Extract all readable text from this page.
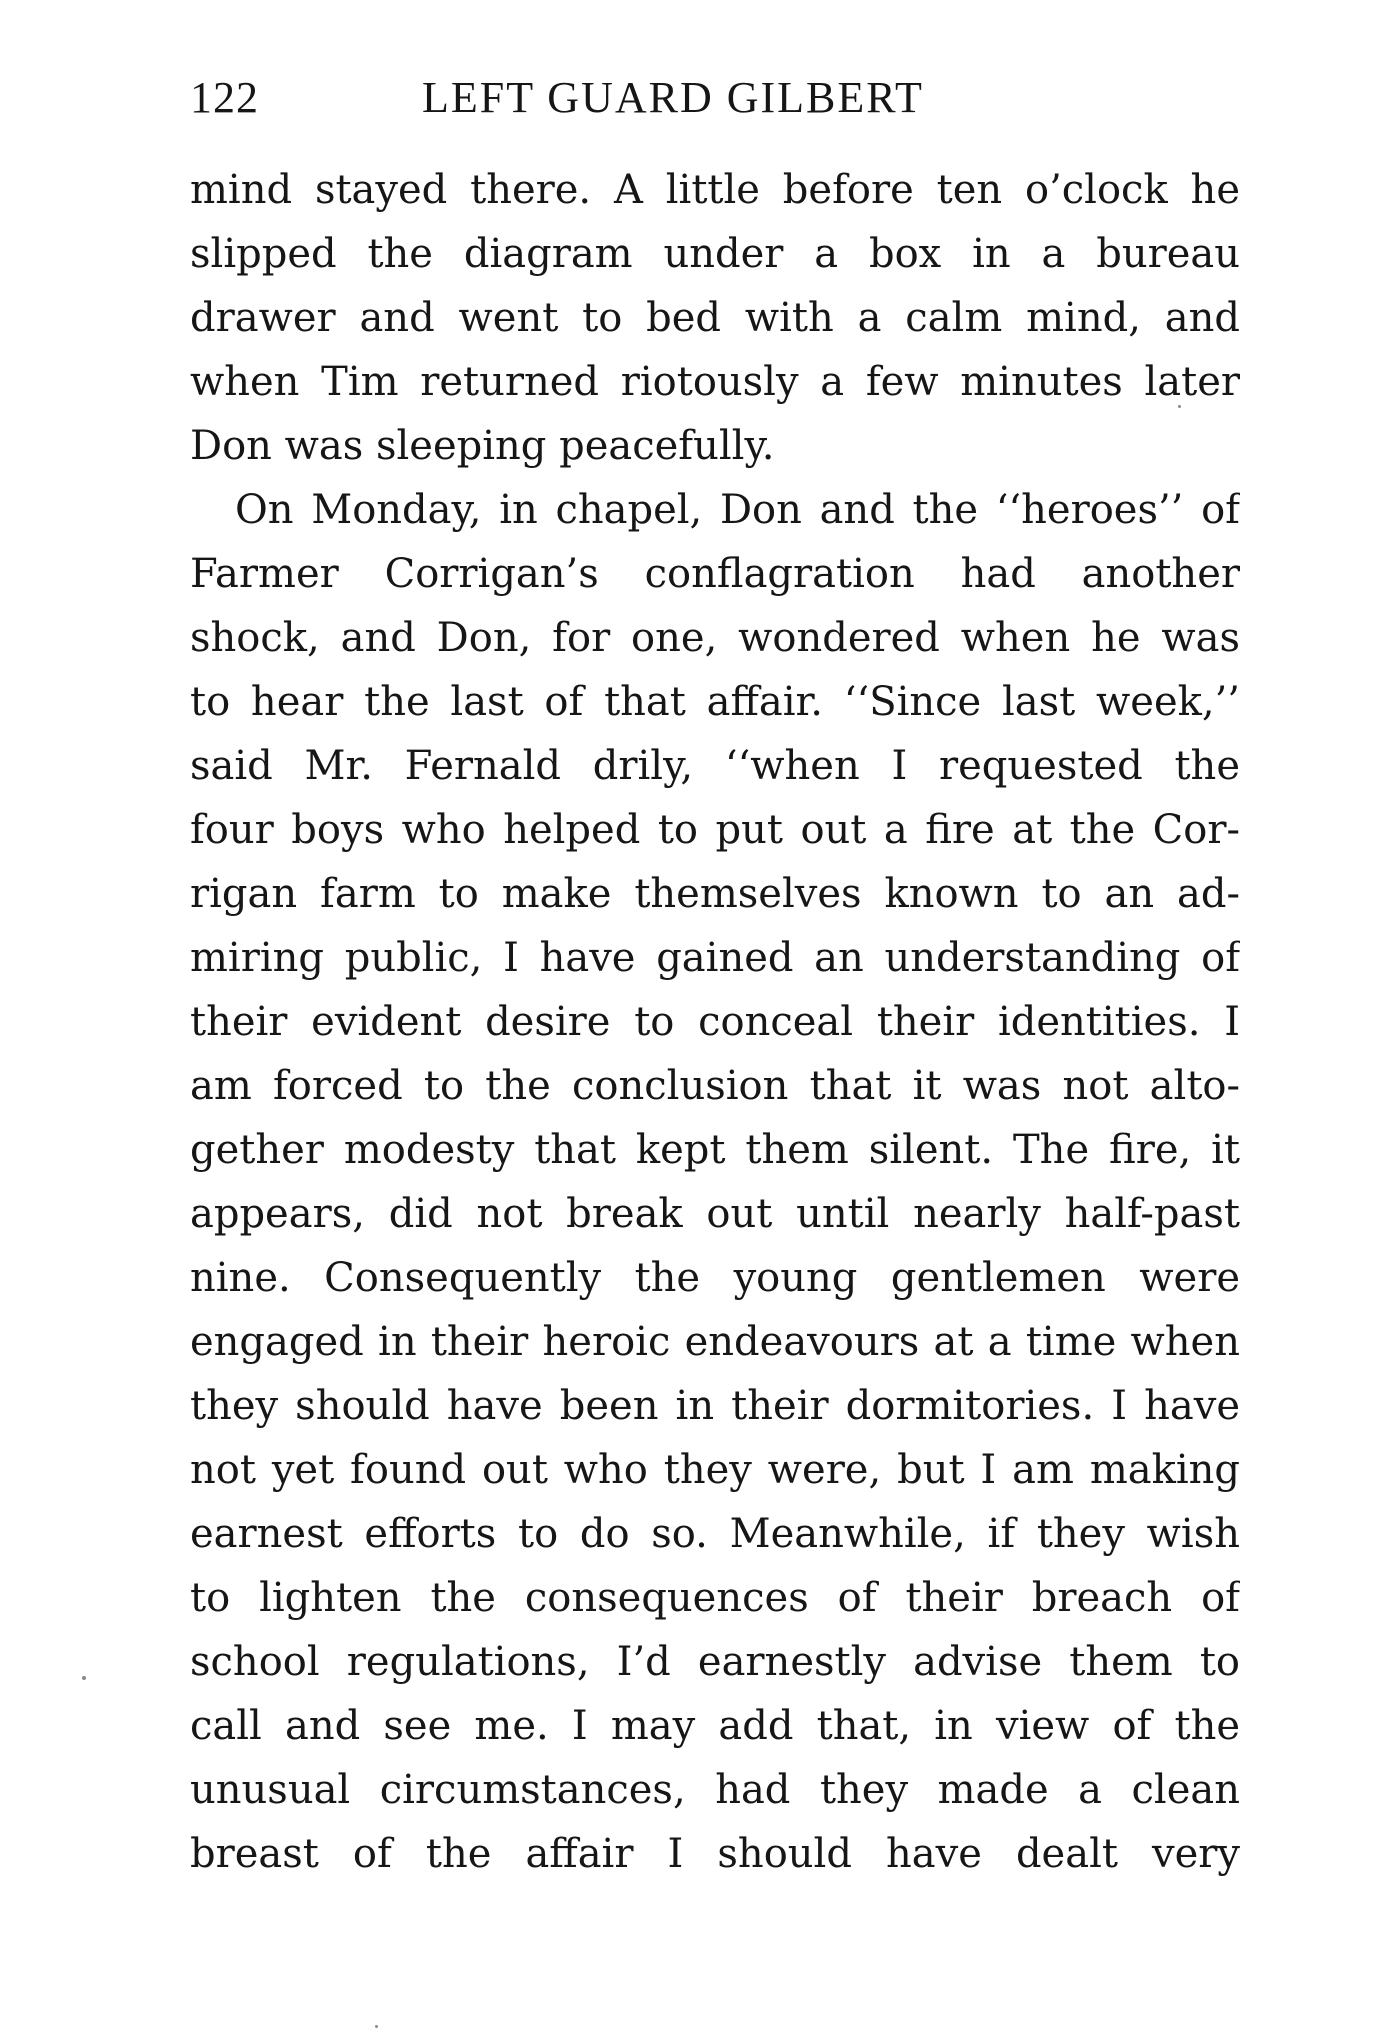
122	LEFT GUARD GILBERT
mind stayed there. A little before ten o’clock he
slipped the diagram under a box in a bureau
drawer and went to bed with a calm mind, and
when Tim returned riotously a few minutes later
Don was sleeping peacefully.
On Monday, in chapel, Don and the ‘‘heroes’’ of
Farmer Corrigan’s conflagration had another
shock, and Don, for one, wondered when he was
to hear the last of that affair. ‘‘Since last week,’’
said Mr. Fernald drily, ‘‘when I requested the
four boys who helped to put out a fire at the Cor-
rigan farm to make themselves known to an ad-
miring public, I have gained an understanding of
their evident desire to conceal their identities. I
am forced to the conclusion that it was not alto-
gether modesty that kept them silent. The fire, it
appears, did not break out until nearly half-past
nine. Consequently the young gentlemen were
engaged in their heroic endeavours at a time when
they should have been in their dormitories. I have
not yet found out who they were, but I am making
earnest efforts to do so. Meanwhile, if they wish
to lighten the consequences of their breach of
school regulations, I’d earnestly advise them to
call and see me. I may add that, in view of the
unusual circumstances, had they made a clean
breast of the affair I should have dealt very
